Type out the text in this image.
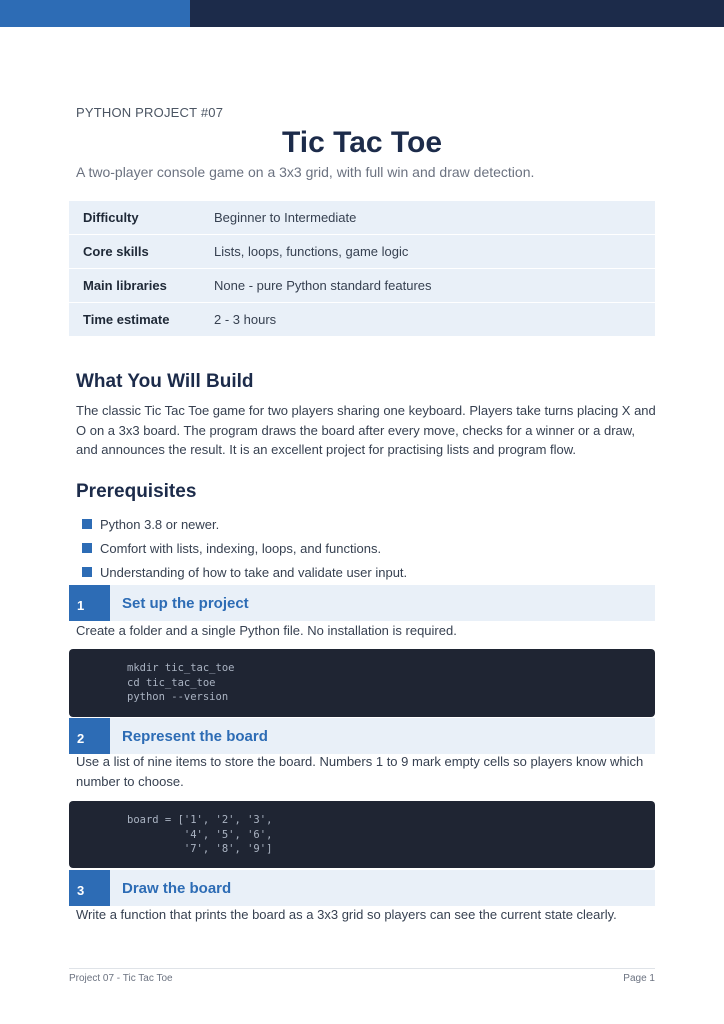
PYTHON PROJECT #07
Tic Tac Toe
A two-player console game on a 3x3 grid, with full win and draw detection.
Difficulty	Beginner to Intermediate
Core skills	Lists, loops, functions, game logic
Main libraries	None - pure Python standard features
Time estimate	2 - 3 hours
What You Will Build
The classic Tic Tac Toe game for two players sharing one keyboard. Players take turns placing X and O on a 3x3 board. The program draws the board after every move, checks for a winner or a draw, and announces the result. It is an excellent project for practising lists and program flow.
Prerequisites
Python 3.8 or newer.
Comfort with lists, indexing, loops, and functions.
Understanding of how to take and validate user input.
1	Set up the project
Create a folder and a single Python file. No installation is required.
mkdir tic_tac_toe
cd tic_tac_toe
python --version
2	Represent the board
Use a list of nine items to store the board. Numbers 1 to 9 mark empty cells so players know which number to choose.
board = ['1', '2', '3',
'4', '5', '6',
'7', '8', '9']
3	Draw the board
Write a function that prints the board as a 3x3 grid so players can see the current state clearly.
Project 07 - Tic Tac Toe	Page 1
